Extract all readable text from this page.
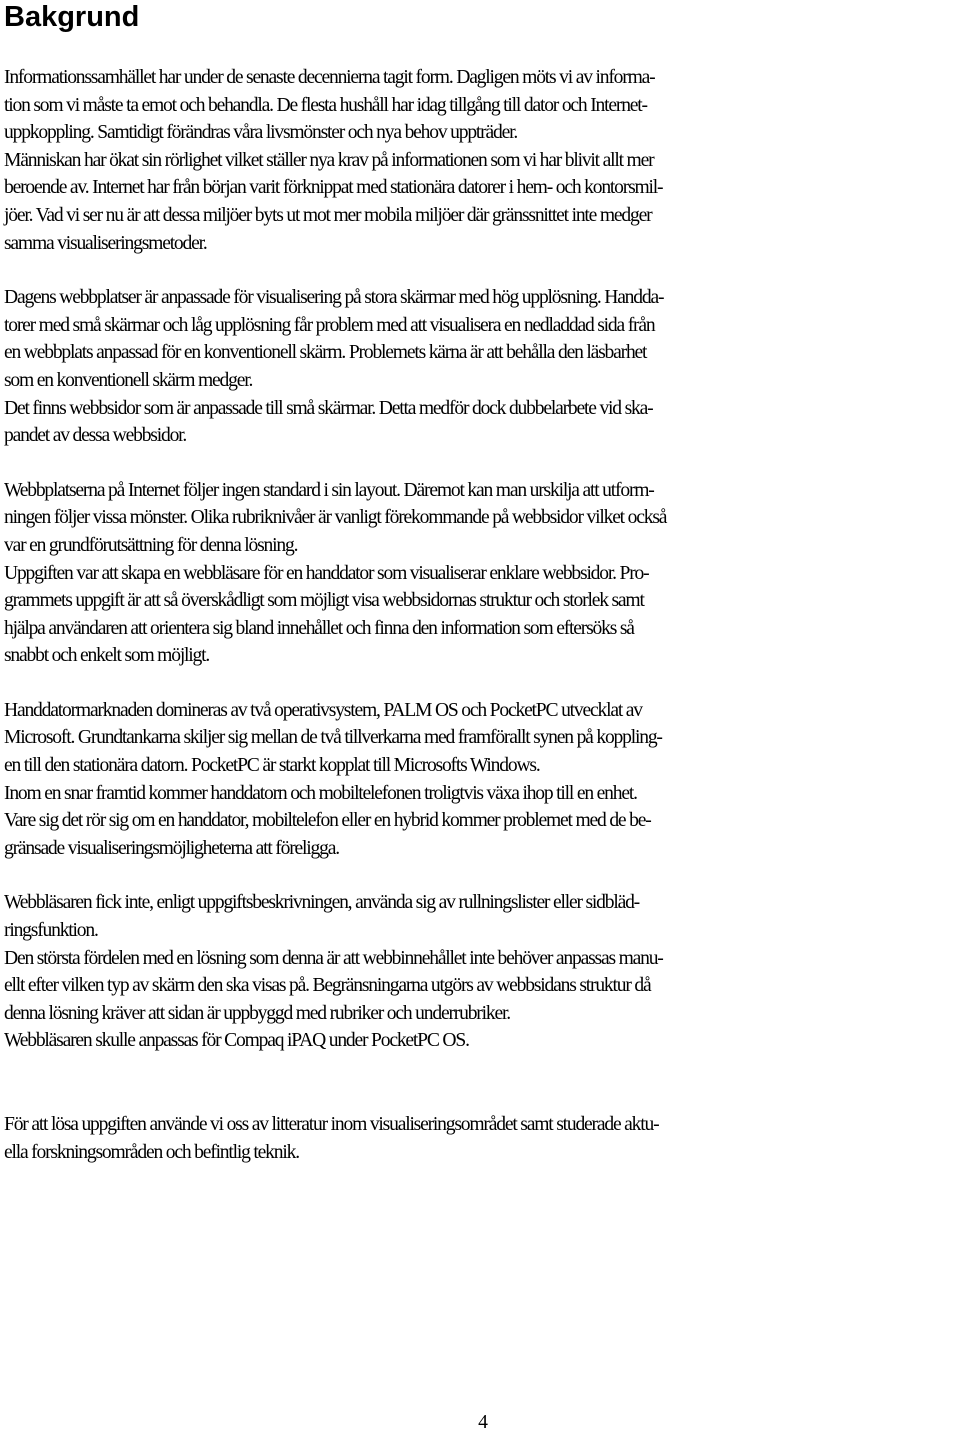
Bakgrund
Informationssamhället har under de senaste decennierna tagit form. Dagligen möts vi av informa-
tion som vi måste ta emot och behandla. De flesta hushåll har idag tillgång till dator och Internet-
uppkoppling. Samtidigt förändras våra livsmönster och nya behov uppträder.
Människan har ökat sin rörlighet vilket ställer nya krav på informationen som vi har blivit allt mer
beroende av. Internet har från början varit förknippat med stationära datorer i hem- och kontorsmil-
jöer. Vad vi ser nu är att dessa miljöer byts ut mot mer mobila miljöer där gränssnittet inte medger
samma visualiseringsmetoder.
Dagens webbplatser är anpassade för visualisering på stora skärmar med hög upplösning. Handda-
torer med små skärmar och låg upplösning får problem med att visualisera en nedladdad sida från
en webbplats anpassad för en konventionell skärm. Problemets kärna är att behålla den läsbarhet
som en konventionell skärm medger.
Det finns webbsidor som är anpassade till små skärmar. Detta medför dock dubbelarbete vid ska-
pandet av dessa webbsidor.
Webbplatserna på Internet följer ingen standard i sin layout. Däremot kan man urskilja att utform-
ningen följer vissa mönster. Olika rubriknivåer är vanligt förekommande på webbsidor vilket också
var en grundförutsättning för denna lösning.
Uppgiften var att skapa en webbläsare för en handdator som visualiserar enklare webbsidor. Pro-
grammets uppgift är att så överskådligt som möjligt visa webbsidornas struktur och storlek samt
hjälpa användaren att orientera sig bland innehållet och finna den information som eftersöks så
snabbt och enkelt som möjligt.
Handdatormarknaden domineras av två operativsystem, PALM OS och PocketPC utvecklat av
Microsoft. Grundtankarna skiljer sig mellan de två tillverkarna med framförallt synen på koppling-
en till den stationära datorn. PocketPC är starkt kopplat till Microsofts Windows.
Inom en snar framtid kommer handdatorn och mobiltelefonen troligtvis växa ihop till en enhet.
Vare sig det rör sig om en handdator, mobiltelefon eller en hybrid kommer problemet med de be-
gränsade visualiseringsmöjligheterna att föreligga.
Webbläsaren fick inte, enligt uppgiftsbeskrivningen, använda sig av rullningslister eller sidbläd-
ringsfunktion.
Den största fördelen med en lösning som denna är att webbinnehållet inte behöver anpassas manu-
ellt efter vilken typ av skärm den ska visas på. Begränsningarna utgörs av webbsidans struktur då
denna lösning kräver att sidan är uppbyggd med rubriker och underrubriker.
Webbläsaren skulle anpassas för Compaq iPAQ under PocketPC OS.
För att lösa uppgiften använde vi oss av litteratur inom visualiseringsområdet samt studerade aktu-
ella forskningsområden och befintlig teknik.
4
